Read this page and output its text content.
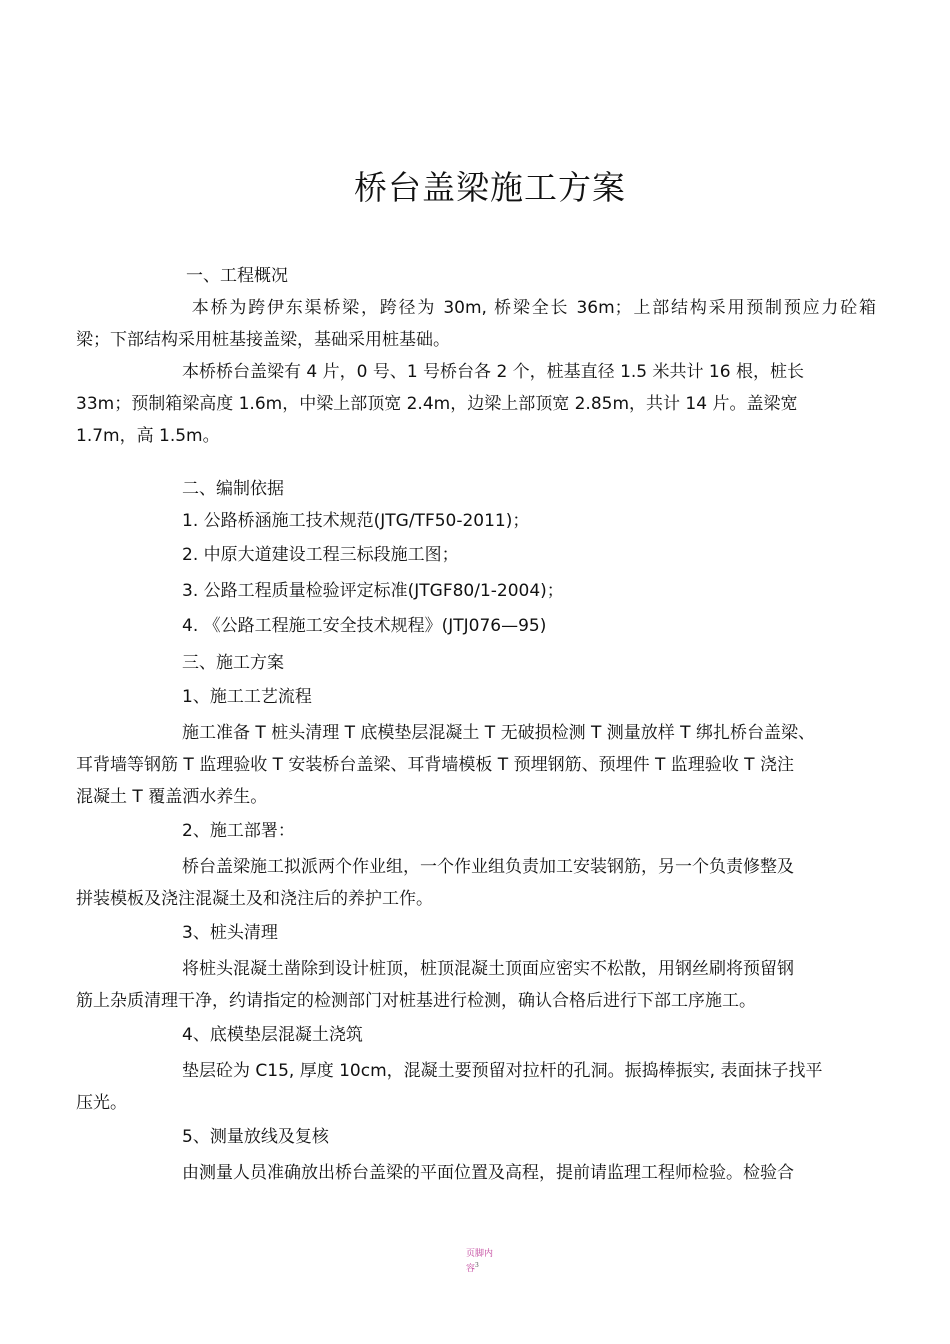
桥台盖梁施工方案
一、工程概况
本桥为跨伊东渠桥梁，跨径为 30m, 桥梁全长 36m；上部结构采用预制预应力砼箱
梁；下部结构采用桩基接盖梁，基础采用桩基础。
本桥桥台盖梁有 4 片，0 号、1 号桥台各 2 个，桩基直径 1.5 米共计 16 根，桩长
33m；预制箱梁高度 1.6m，中梁上部顶宽 2.4m，边梁上部顶宽 2.85m，共计 14 片。盖梁宽
1.7m，高 1.5m。
二、编制依据
1. 公路桥涵施工技术规范(JTG/TF50-2011)；
2. 中原大道建设工程三标段施工图；
3. 公路工程质量检验评定标准(JTGF80/1-2004)；
4. 《公路工程施工安全技术规程》(JTJ076—95)
三、施工方案
1、施工工艺流程
施工准备 T 桩头清理 T 底模垫层混凝土 T 无破损检测 T 测量放样 T 绑扎桥台盖梁、
耳背墙等钢筋 T 监理验收 T 安装桥台盖梁、耳背墙模板 T 预埋钢筋、预埋件 T 监理验收 T 浇注
混凝土 T 覆盖洒水养生。
2、施工部署：
桥台盖梁施工拟派两个作业组，一个作业组负责加工安装钢筋，另一个负责修整及
拼装模板及浇注混凝土及和浇注后的养护工作。
3、桩头清理
将桩头混凝土凿除到设计桩顶，桩顶混凝土顶面应密实不松散，用钢丝刷将预留钢
筋上杂质清理干净，约请指定的检测部门对桩基进行检测，确认合格后进行下部工序施工。
4、底模垫层混凝土浇筑
垫层砼为 C15, 厚度 10cm，混凝土要预留对拉杆的孔洞。振捣棒振实, 表面抹子找平
压光。
5、测量放线及复核
由测量人员准确放出桥台盖梁的平面位置及高程，提前请监理工程师检验。检验合
页脚内
容$^3$
